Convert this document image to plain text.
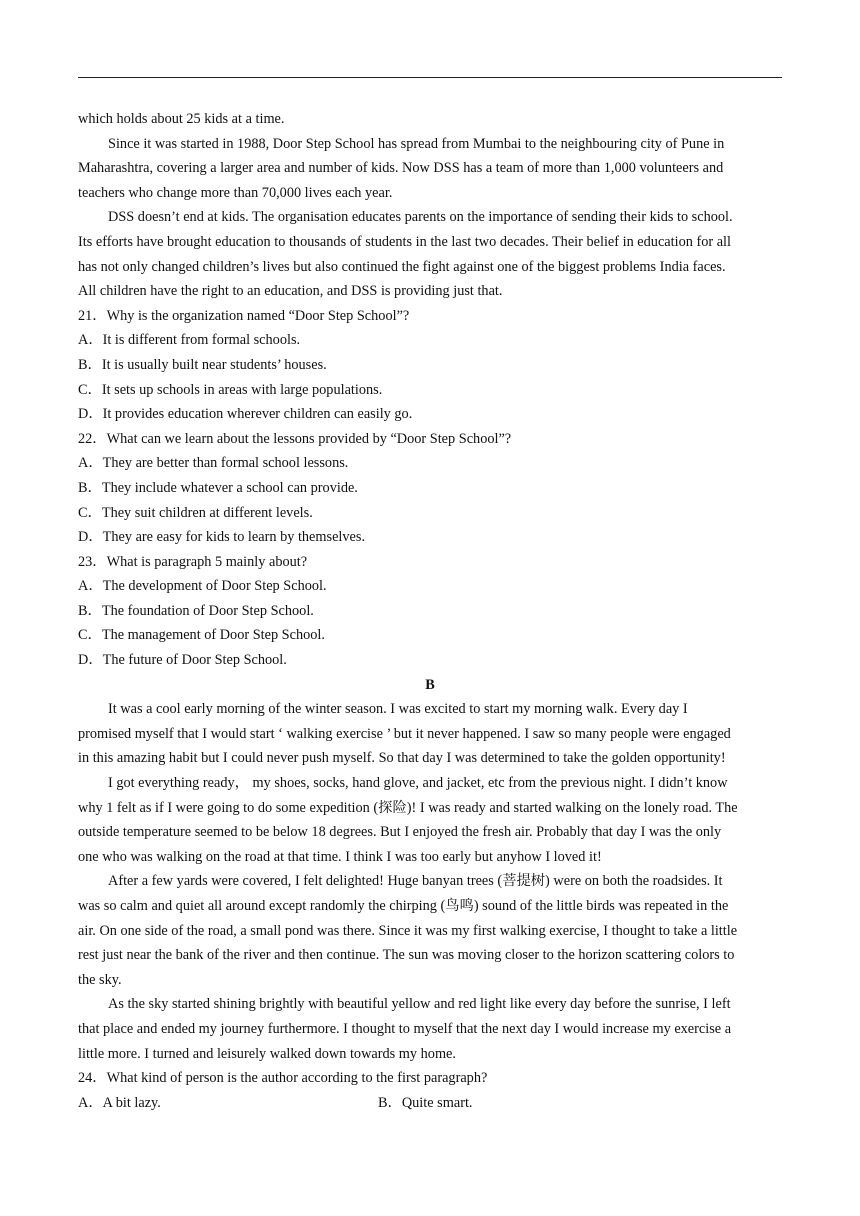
which holds about 25 kids at a time.
Since it was started in 1988, Door Step School has spread from Mumbai to the neighbouring city of Pune in
Maharashtra, covering a larger area and number of kids. Now DSS has a team of more than 1,000 volunteers and
teachers who change more than 70,000 lives each year.
DSS doesn’t end at kids. The organisation educates parents on the importance of sending their kids to school.
Its efforts have brought education to thousands of students in the last two decades. Their belief in education for all
has not only changed children’s lives but also continued the fight against one of the biggest problems India faces.
All children have the right to an education, and DSS is providing just that.
21．Why is the organization named “Door Step School”?
A．It is different from formal schools.
B．It is usually built near students’ houses.
C．It sets up schools in areas with large populations.
D．It provides education wherever children can easily go.
22．What can we learn about the lessons provided by “Door Step School”?
A．They are better than formal school lessons.
B．They include whatever a school can provide.
C．They suit children at different levels.
D．They are easy for kids to learn by themselves.
23．What is paragraph 5 mainly about?
A．The development of Door Step School.
B．The foundation of Door Step School.
C．The management of Door Step School.
D．The future of Door Step School.
B
It was a cool early morning of the winter season. I was excited to start my morning walk. Every day I
promised myself that I would start ‘ walking exercise ’ but it never happened. I saw so many people were engaged
in this amazing habit but I could never push myself. So that day I was determined to take the golden opportunity!
I got everything ready， my shoes, socks, hand glove, and jacket, etc from the previous night. I didn’t know
why 1 felt as if I were going to do some expedition (探险)! I was ready and started walking on the lonely road. The
outside temperature seemed to be below 18 degrees. But I enjoyed the fresh air. Probably that day I was the only
one who was walking on the road at that time. I think I was too early but anyhow I loved it!
After a few yards were covered, I felt delighted! Huge banyan trees (菩提树) were on both the roadsides. It
was so calm and quiet all around except randomly the chirping (鸟鸣) sound of the little birds was repeated in the
air. On one side of the road, a small pond was there. Since it was my first walking exercise, I thought to take a little
rest just near the bank of the river and then continue. The sun was moving closer to the horizon scattering colors to
the sky.
As the sky started shining brightly with beautiful yellow and red light like every day before the sunrise, I left
that place and ended my journey furthermore. I thought to myself that the next day I would increase my exercise a
little more. I turned and leisurely walked down towards my home.
24．What kind of person is the author according to the first paragraph?
A．A bit lazy.	B．Quite smart.
